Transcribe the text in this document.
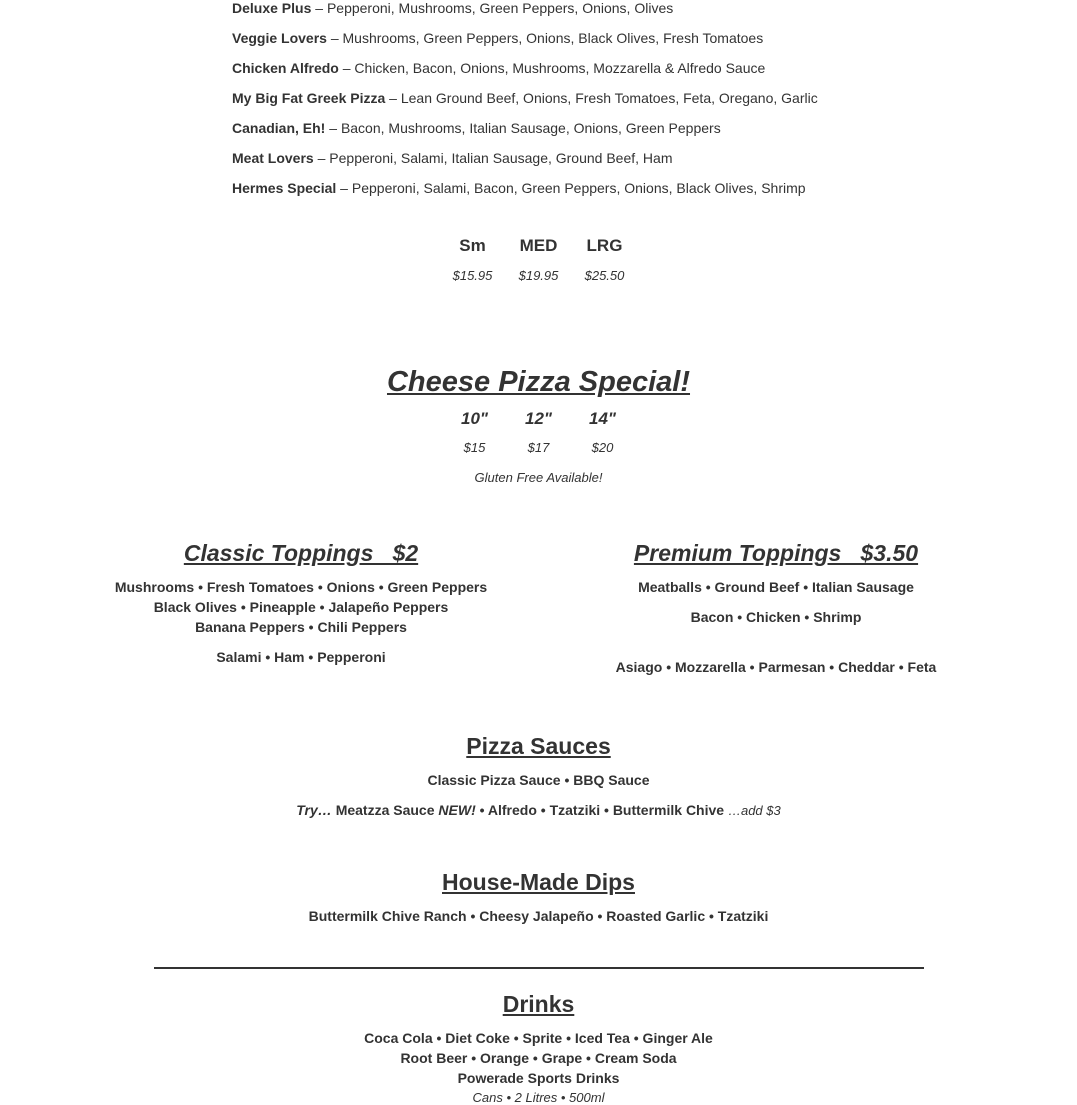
Deluxe Plus – Pepperoni, Mushrooms, Green Peppers, Onions, Olives
Veggie Lovers – Mushrooms, Green Peppers, Onions, Black Olives, Fresh Tomatoes
Chicken Alfredo – Chicken, Bacon, Onions, Mushrooms, Mozzarella & Alfredo Sauce
My Big Fat Greek Pizza – Lean Ground Beef, Onions, Fresh Tomatoes, Feta, Oregano, Garlic
Canadian, Eh! – Bacon, Mushrooms, Italian Sausage, Onions, Green Peppers
Meat Lovers – Pepperoni, Salami, Italian Sausage, Ground Beef, Ham
Hermes Special – Pepperoni, Salami, Bacon, Green Peppers, Onions, Black Olives, Shrimp
Sm	MED	LRG
$15.95	$19.95	$25.50
Cheese Pizza Special!
10"	12"	14"
$15	$17	$20
Gluten Free Available!
Classic Toppings   $2
Mushrooms • Fresh Tomatoes • Onions • Green Peppers
Black Olives • Pineapple • Jalapeño Peppers
Banana Peppers • Chili Peppers
Salami • Ham • Pepperoni
Premium Toppings   $3.50
Meatballs • Ground Beef • Italian Sausage
Bacon • Chicken • Shrimp
Asiago • Mozzarella • Parmesan • Cheddar • Feta
Pizza Sauces
Classic Pizza Sauce • BBQ Sauce
Try… Meatzza Sauce NEW! • Alfredo • Tzatziki • Buttermilk Chive …add $3
House-Made Dips
Buttermilk Chive Ranch • Cheesy Jalapeño • Roasted Garlic • Tzatziki
Drinks
Coca Cola • Diet Coke • Sprite • Iced Tea • Ginger Ale
Root Beer • Orange • Grape • Cream Soda
Powerade Sports Drinks
Cans • 2 Litres • 500ml
